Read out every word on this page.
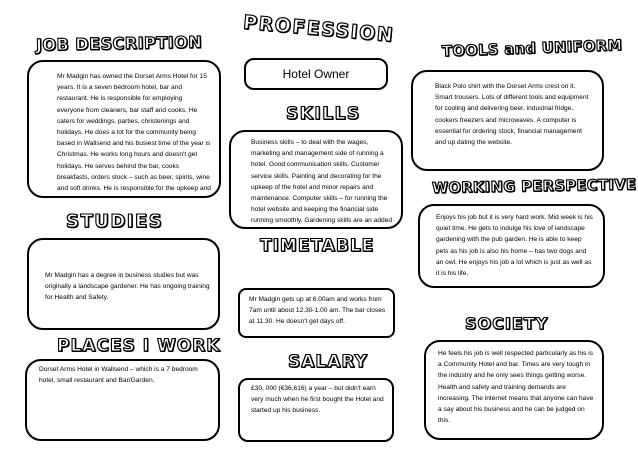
JOB DESCRIPTION PROFESSION
TOOLS and UNIFORM
SKILLS
WORKING PERSPECTIVE
STUDIES
TIMETABLE
SOCIETY
PLACES I WORK
SALARY

Mr Madgin has owned the Dorset Arms Hotel for 15 years. It is a seven bedroom hotel, bar and restaurant. He is responsible for employing everyone from cleaners, bar staff and cooks. He caters for weddings, parties, christenings and holidays. He does a lot for the community being based in Wallsend and his busiest time of the year is Christmas. He works long hours and doesn't get holidays. He serves behind the bar, cooks breakfasts, orders stock – such as beer, spirits, wine and soft drinks. He is responsible for the upkeep and

Hotel Owner

Business skills – to deal with the wages, marketing and management side of running a hotel. Good communication skills. Customer service skills. Painting and decorating for the upkeep of the hotel and minor repairs and maintenance. Computer skills – for running the hotel website and keeping the financial side running smoothly. Gardening skills are an added

Black Polo shirt with the Dorset Arms crest on it. Smart trousers. Lots of different tools and equipment for cooling and delivering beer, industrial fridge, cookers freezers and microwaves. A computer is essential for ordering stock, financial management and up dating the website.

Enjoys his job but it is very hard work. Mid week is his quiet time. He gets to indulge his love of landscape gardening with the pub garden. He is able to keep pets as his job is also his home – has two dogs and an owl. He enjoys his job a lot which is just as well as it is his life.

Mr Madgin has a degree in business studies but was originally a landscape gardener. He has ongoing training for Health and Safety.	Mr Madgin gets up at 6.00am and works from 7am until about 12.30-1.00 am. The bar closes at 11.30. He doesn't get days off.

He feels his job is well respected particularly as his is a Community Hotel and bar. Times are very tough in the industry and he only sees things getting worse. Health and safety and training demands are increasing. The internet means that anyone can have a say about his business and he can be judged on this.

Dorset Arms Hotel in Wallsend – which is a 7 bedroom hotel, small restaurant and Bar/Garden.

£30, 000 (€36,616) a year – but didn't earn very much when he first bought the Hotel and started up his business.
